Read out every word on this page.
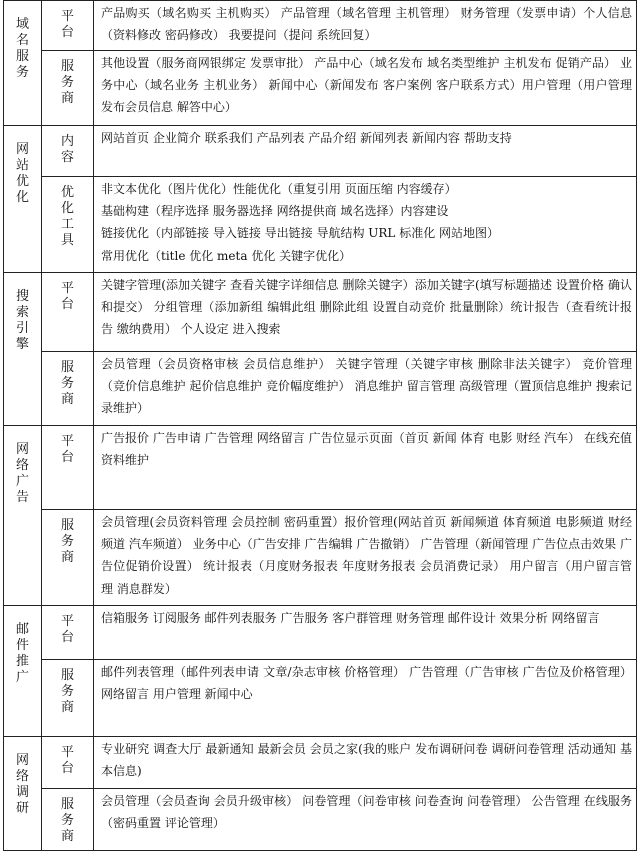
域名服务	平台	产品购买（域名购买 主机购买） 产品管理（域名管理 主机管理） 财务管理（发票申请）个人信息（资料修改 密码修改） 我要提问（提问 系统回复）

	服务商	其他设置（服务商网银绑定 发票审批） 产品中心（域名发布 域名类型维护 主机发布 促销产品） 业务中心（域名业务 主机业务） 新闻中心（新闻发布 客户案例 客户联系方式）用户管理（用户管理 发布会员信息 解答中心）

网站优化	内容	网站首页 企业简介 联系我们 产品列表 产品介绍 新闻列表 新闻内容 帮助支持

	优化工具	非文本优化（图片优化）性能优化（重复引用 页面压缩 内容缓存）
基础构建（程序选择 服务器选择 网络提供商 域名选择）内容建设
链接优化（内部链接 导入链接 导出链接 导航结构 URL 标准化 网站地图）
常用优化（title 优化 meta 优化 关键字优化）

搜索引擎	平台	关键字管理(添加关键字 查看关键字详细信息 删除关键字）添加关键字(填写标题描述 设置价格 确认和提交） 分组管理（添加新组 编辑此组 删除此组 设置自动竞价 批量删除）统计报告（查看统计报告 缴纳费用） 个人设定 进入搜索

	服务商	会员管理（会员资格审核 会员信息维护） 关键字管理（关键字审核 删除非法关键字） 竞价管理（竞价信息维护 起价信息维护 竞价幅度维护） 消息维护 留言管理 高级管理（置顶信息维护 搜索记录维护）

网络广告	平台	广告报价 广告申请 广告管理 网络留言 广告位显示页面（首页 新闻 体育 电影 财经 汽车） 在线充值 资料维护

	服务商	会员管理(会员资料管理 会员控制 密码重置）报价管理(网站首页 新闻频道 体育频道 电影频道 财经频道 汽车频道） 业务中心（广告安排 广告编辑 广告撤销） 广告管理（新闻管理 广告位点击效果 广告位促销价设置） 统计报表（月度财务报表 年度财务报表 会员消费记录） 用户留言（用户留言管理 消息群发）

邮件推广	平台	信箱服务 订阅服务 邮件列表服务 广告服务 客户群管理 财务管理 邮件设计 效果分析 网络留言

	服务商	邮件列表管理（邮件列表申请 文章/杂志审核 价格管理） 广告管理（广告审核 广告位及价格管理） 网络留言 用户管理 新闻中心

网络调研	平台	专业研究 调查大厅 最新通知 最新会员 会员之家(我的账户 发布调研问卷 调研问卷管理 活动通知 基本信息)

	服务商	会员管理（会员查询 会员升级审核） 问卷管理（问卷审核 问卷查询 问卷管理） 公告管理 在线服务（密码重置 评论管理）
